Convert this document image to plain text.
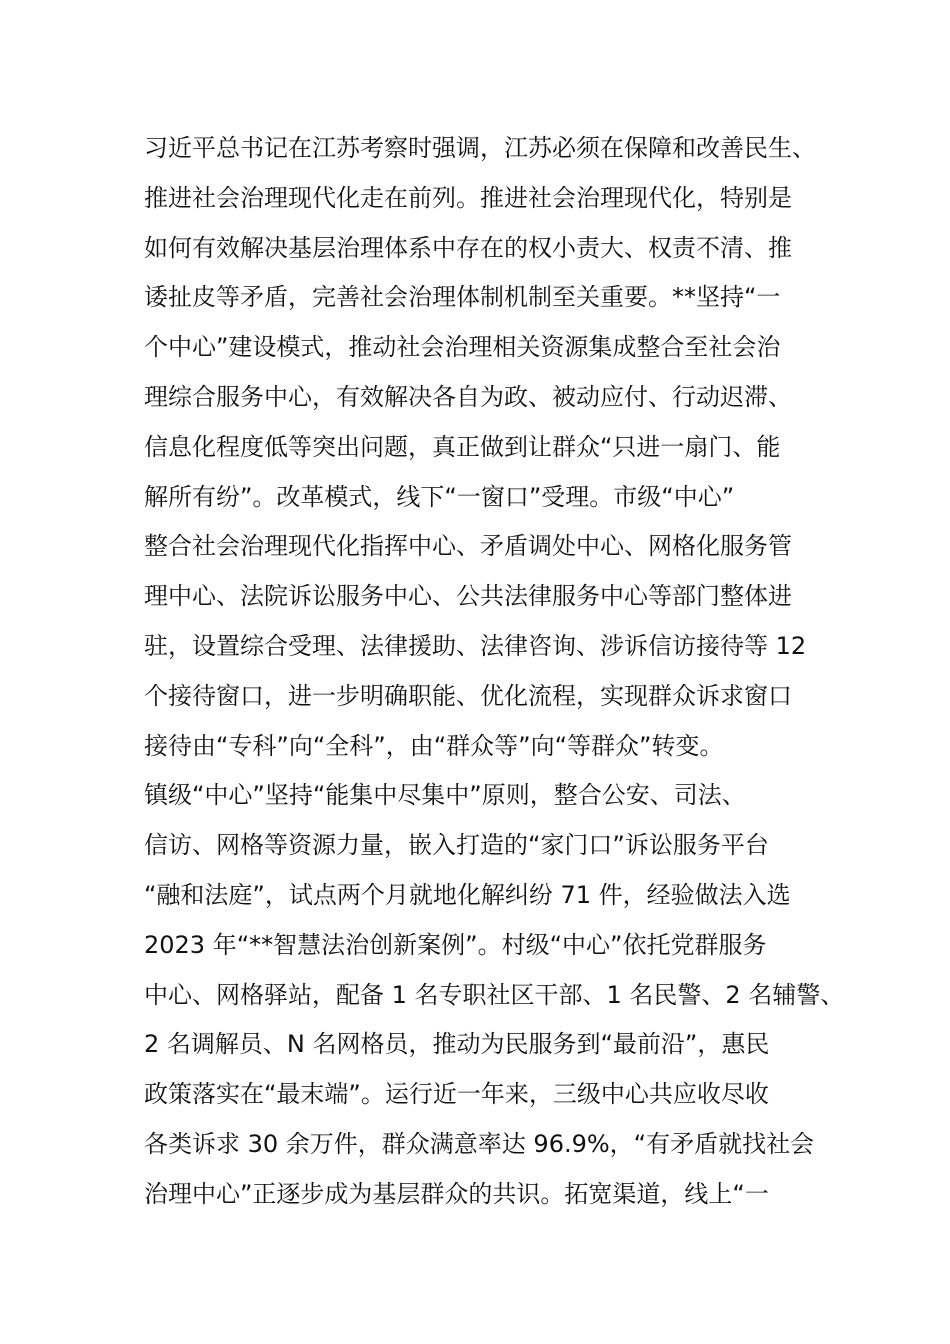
习近平总书记在江苏考察时强调，江苏必须在保障和改善民生、
推进社会治理现代化走在前列。推进社会治理现代化，特别是
如何有效解决基层治理体系中存在的权小责大、权责不清、推
诿扯皮等矛盾，完善社会治理体制机制至关重要。**坚持“一
个中心”建设模式，推动社会治理相关资源集成整合至社会治
理综合服务中心，有效解决各自为政、被动应付、行动迟滞、
信息化程度低等突出问题，真正做到让群众“只进一扇门、能
解所有纷”。改革模式，线下“一窗口”受理。市级“中心”
整合社会治理现代化指挥中心、矛盾调处中心、网格化服务管
理中心、法院诉讼服务中心、公共法律服务中心等部门整体进
驻，设置综合受理、法律援助、法律咨询、涉诉信访接待等 12
个接待窗口，进一步明确职能、优化流程，实现群众诉求窗口
接待由“专科”向“全科”，由“群众等”向“等群众”转变。
镇级“中心”坚持“能集中尽集中”原则，整合公安、司法、
信访、网格等资源力量，嵌入打造的“家门口”诉讼服务平台
“融和法庭”，试点两个月就地化解纠纷 71 件，经验做法入选
2023 年“**智慧法治创新案例”。村级“中心”依托党群服务
中心、网格驿站，配备 1 名专职社区干部、1 名民警、2 名辅警、
2 名调解员、N 名网格员，推动为民服务到“最前沿”，惠民
政策落实在“最末端”。运行近一年来，三级中心共应收尽收
各类诉求 30 余万件，群众满意率达 96.9%，“有矛盾就找社会
治理中心”正逐步成为基层群众的共识。拓宽渠道，线上“一
